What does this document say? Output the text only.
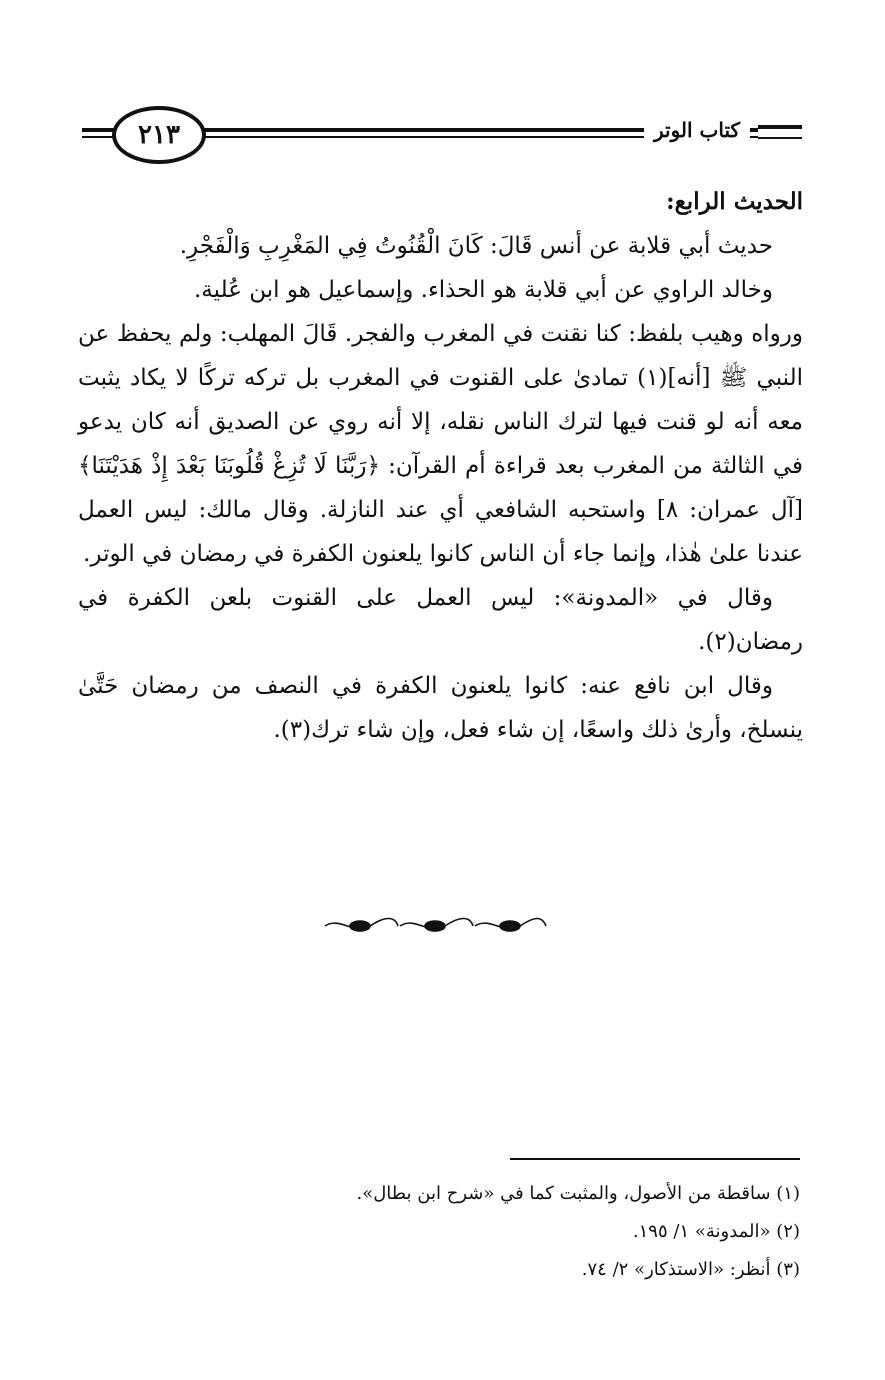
٢١٣	كتاب الوتر

الحديث الرابع:

حديث أبي قلابة عن أنس قَالَ: كَانَ الْقُنُوتُ فِي المَغْرِبِ وَالْفَجْرِ.

وخالد الراوي عن أبي قلابة هو الحذاء. وإسماعيل هو ابن عُلية.

ورواه وهيب بلفظ: كنا نقنت في المغرب والفجر. قَالَ المهلب: ولم يحفظ عن النبي ﷺ [أنه](١) تمادىٰ على القنوت في المغرب بل تركه تركًا لا يكاد يثبت معه أنه لو قنت فيها لترك الناس نقله، إلا أنه روي عن الصديق أنه كان يدعو في الثالثة من المغرب بعد قراءة أم القرآن: ﴿رَبَّنَا لَا تُزِغْ قُلُوبَنَا بَعْدَ إِذْ هَدَيْتَنَا﴾ [آل عمران: ٨] واستحبه الشافعي أي عند النازلة. وقال مالك: ليس العمل عندنا علىٰ هٰذا، وإنما جاء أن الناس كانوا يلعنون الكفرة في رمضان في الوتر.

وقال في «المدونة»: ليس العمل على القنوت بلعن الكفرة في رمضان(٢).

وقال ابن نافع عنه: كانوا يلعنون الكفرة في النصف من رمضان حَتَّىٰ ينسلخ، وأرىٰ ذلك واسعًا، إن شاء فعل، وإن شاء ترك(٣).

(١) ساقطة من الأصول، والمثبت كما في «شرح ابن بطال».

(٢) «المدونة» ١/ ١٩٥.

(٣) أنظر: «الاستذكار» ٢/ ٧٤.
